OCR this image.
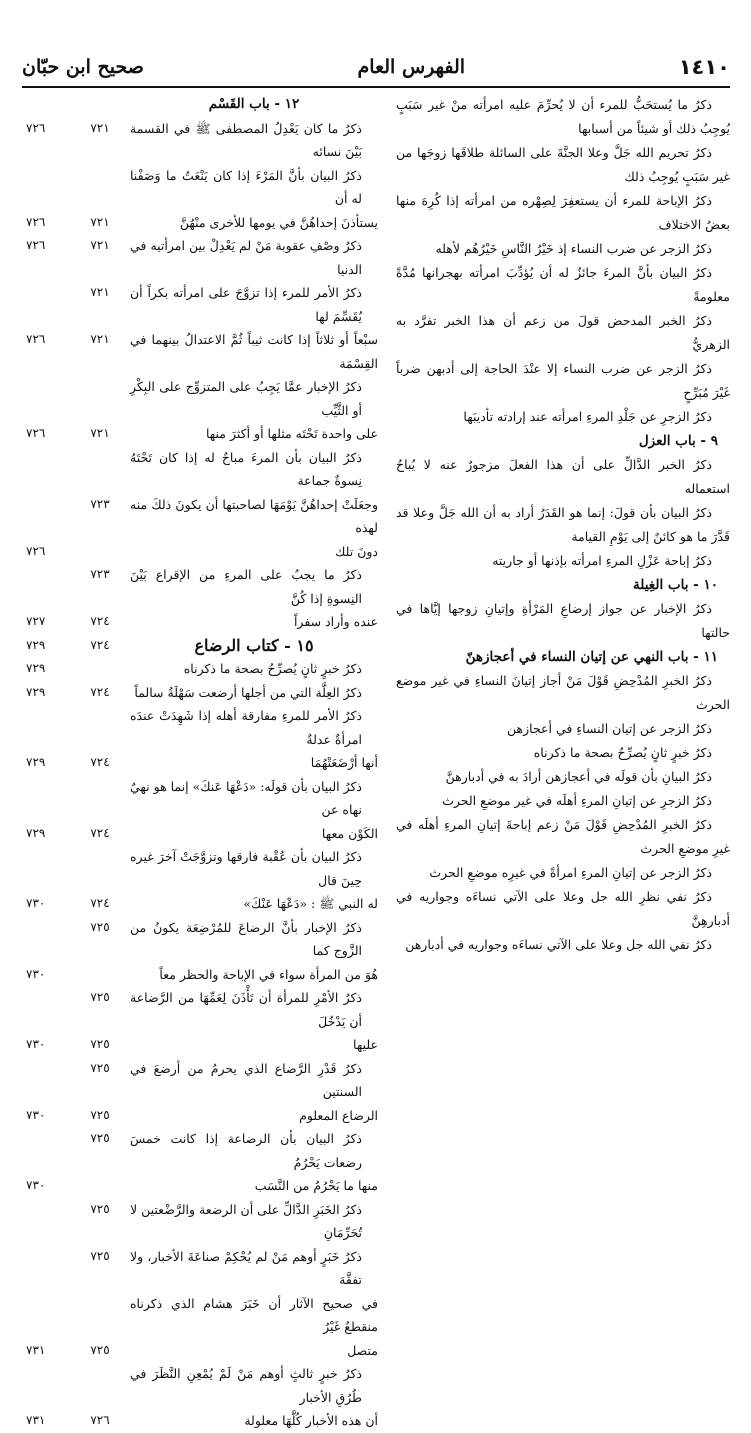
١٤١٠
الفهرس العام
صحيح ابن حبّان
ذكرُ ما يُستحَبُّ للمرء أن لا يُحرِّمَ عليه امرأته منْ غير سَبَبٍ يُوجِبُ ذلك أو شيئاً من أسبابها
ذكرُ تحريم الله جَلَّ وعلا الجنَّةَ على السائلة طلاقَها زوجَها من غير سَبَبٍ يُوجِبُ ذلك
ذكرُ الإباحة للمرء أن يستعفِرَ لِصِهْره من امرأته إذا كُرِهَ منها بعضُ الاختلاف
ذكرُ الزجر عن ضرب النساء إذ خَيْرُ النَّاسِ خَيْرُهُم لأهله
ذكرُ البيان بأنَّ المرءَ جائزٌ له أن يُؤدِّبَ امرأته بهجرانها مُدَّةً معلومةً
ذكرُ الخبر المدحض قولَ من زعم أن هذا الخبر تفرَّد به الزهريُّ
ذكرُ الزجر عن ضرب النساء إلا عنْدَ الحاجة إلى أدبهن ضرباً غَيْرَ مُبَرِّحٍ
ذكرُ الزجرِ عن جَلْدِ المرءِ امرأته عند إرادته تأديبَها
٩ - باب العزل
ذكرُ الخبر الدَّالِّ على أن هذا الفعلَ مزجورٌ عنه لا يُباحُ استعماله
ذكرُ البيان بأن قولَ: إنما هو القَدَرُ أراد به أن الله جَلَّ وعلا قد قَدَّرَ ما هو كائنٌ إلى يَوْمِ القيامة
ذكرُ إباحة عَزْلِ المرءِ امرأته بإذنها أو جاريته
١٠ - باب الغِيلة
ذكرُ الإخبار عن جواز إرضاعِ المَرْأةِ وإتيانِ زوجها إيَّاها في حالتها
١١ - باب النهي عن إتيان النساء في أعجازهنّ
ذكرُ الخبرِ المُدْحِضِ قَوْلَ مَنْ أجاز إتيانَ النساءِ في غير موضع الحرث
ذكرُ الزجر عن إتيان النساءِ في أعجازهن
ذكرُ خبرٍ ثانٍ يُصرِّحُ بصحة ما ذكرناه
ذكرُ البيانِ بأن قولَه في أعجازهن أرادَ به في أدبارهنَّ
ذكرُ الزجرِ عن إتيانِ المرءِ أهلَه في غير موضعِ الحرث
ذكرُ الخبرِ المُدْحِضِ قَوْلَ مَنْ زعم إباحةَ إتيانِ المرءِ أهلَه في غيرِ موضعِ الحرث
ذكرُ الزجر عن إتيانِ المرءِ امرأةً في غيرِه موضعِ الحرث
ذكرُ نفي نظرِ الله جل وعلا على الآتي نساءَه وجواريه في أدبارهِنَّ
ذكرُ نفي الله جل وعلا على الآتي نساءَه وجواريه في أدبارهن
١٢ - باب القَسْم
ذكرُ ما كان يَعْدِلُ المصطفى ﷺ في القسمة بَيْنَ نسائه
٧٢١
٧٢٦
ذكرُ البيان بأنَّ المَرْءَ إذا كان يَنْعَتُ ما وَصَفْنا له أن
يستأذنَ إحداهُنَّ في يومها للأخرى منْهُنَّ
٧٢١
٧٢٦
ذكرُ وصْفِ عقوبة مَنْ لم يَعْدِلْ بين امرأتيه في الدنيا
٧٢١
٧٢٦
ذكرُ الأمر للمرء إذا تزوَّجَ على امرأته بكراً أن يُقَسِّمَ لها
٧٢١
سبْعاً أو ثلاثاً إذا كانت ثيباً ثُمَّ الاعتدالُ بينهما في القِسْمَة
٧٢١
٧٢٦
ذكرُ الإخبار عمَّا يَجِبُ على المتزوِّج على البِكْرِ أو الثَّيِّب
على واحدة تَحْتَه مثلها أو أكثرَ منها
٧٢١
٧٢٦
ذكرُ البيان بأن المرءَ مباحٌ له إذا كان تَحْتَهُ نِسوةٌ جماعة
وجعَلَتْ إحداهُنَّ يَوْمَهَا لصاحبتها أن يكونَ ذلكَ منه لهذه
٧٢٣
دونَ تلك
٧٢٦
ذكرُ ما يجبُ على المرءِ من الإقراع بَيْنَ النِسوةِ إذا كُنَّ
٧٢٣
عنده وأراد سفراً
٧٢٤
٧٢٧
١٥ - كتاب الرضاع
٧٢٤
٧٢٩
ذكرُ خبرٍ ثانٍ يُصرِّحُ بصحة ما ذكرناه
٧٢٩
ذكرُ العِلَّة التي من أجلها أرضعت سَهْلَةُ سالماً
٧٢٤
٧٢٩
ذكرُ الأمر للمرءِ مفارقة أهله إذا شَهِدَتْ عندَه امرأةٌ عدلةٌ
أنها أرْضَعَتْهُمَا
٧٢٤
٧٢٩
ذكرُ البيان بأن قولَه: «دَعْهَا عَنكَ» إنما هو نهيٌ نهاه عن
الكَوْن معها
٧٢٤
٧٢٩
ذكرُ البيان بأن عُقْبة فارقها وتزوَّجَتْ آخرَ غيره حِينَ قال
له النبي ﷺ : «دَعْهَا عَنْكَ»
٧٢٤
٧٣٠
ذكرُ الإخبار بأنَّ الرضاعَ للمُرْضِعَة يكونُ من الزَّوج كما
٧٢٥
هُوَ من المرأة سواء في الإباحة والحظر معاً
٧٣٠
ذكرُ الأمْرِ للمرأة أن تَأْذَنَ لِعَمِّهَا من الرَّضاعة أن يَدْخُلَ
٧٢٥
عليها
٧٢٥
٧٣٠
ذكرُ قَدْرِ الرَّضاع الذي يحرمُ من أرضعَ في السنتين
٧٢٥
الرضاع المعلوم
٧٢٥
٧٣٠
ذكرُ البيان بأن الرضاعة إذا كانت خمسَ رضعات يَحْرُمُ
٧٢٥
منها ما يَحْرُمُ من النَّسَب
٧٣٠
ذكرُ الخَبَرِ الدَّالِّ على أن الرضعة والرَّضْعتين لا تُحَرِّمَانِ
٧٢٥
ذكرُ خَبَرٍ أوهم مَنْ لم يُحْكِمْ صناعَةَ الأخبار، ولا تفقَّهَ
٧٢٥
في صحيح الآثار أن خَبَرَ هشام الذي ذكرناه منقطعٌ غَيْرُ
متصل
٧٢٥
٧٣١
ذكرُ خبرٍ ثالثٍ أوهم مَنْ لَمْ يُمْعِنِ النَّظَرَ في طُرُقِ الأخبار
أن هذه الأخبار كُلَّهَا معلولة
٧٢٦
٧٣١
